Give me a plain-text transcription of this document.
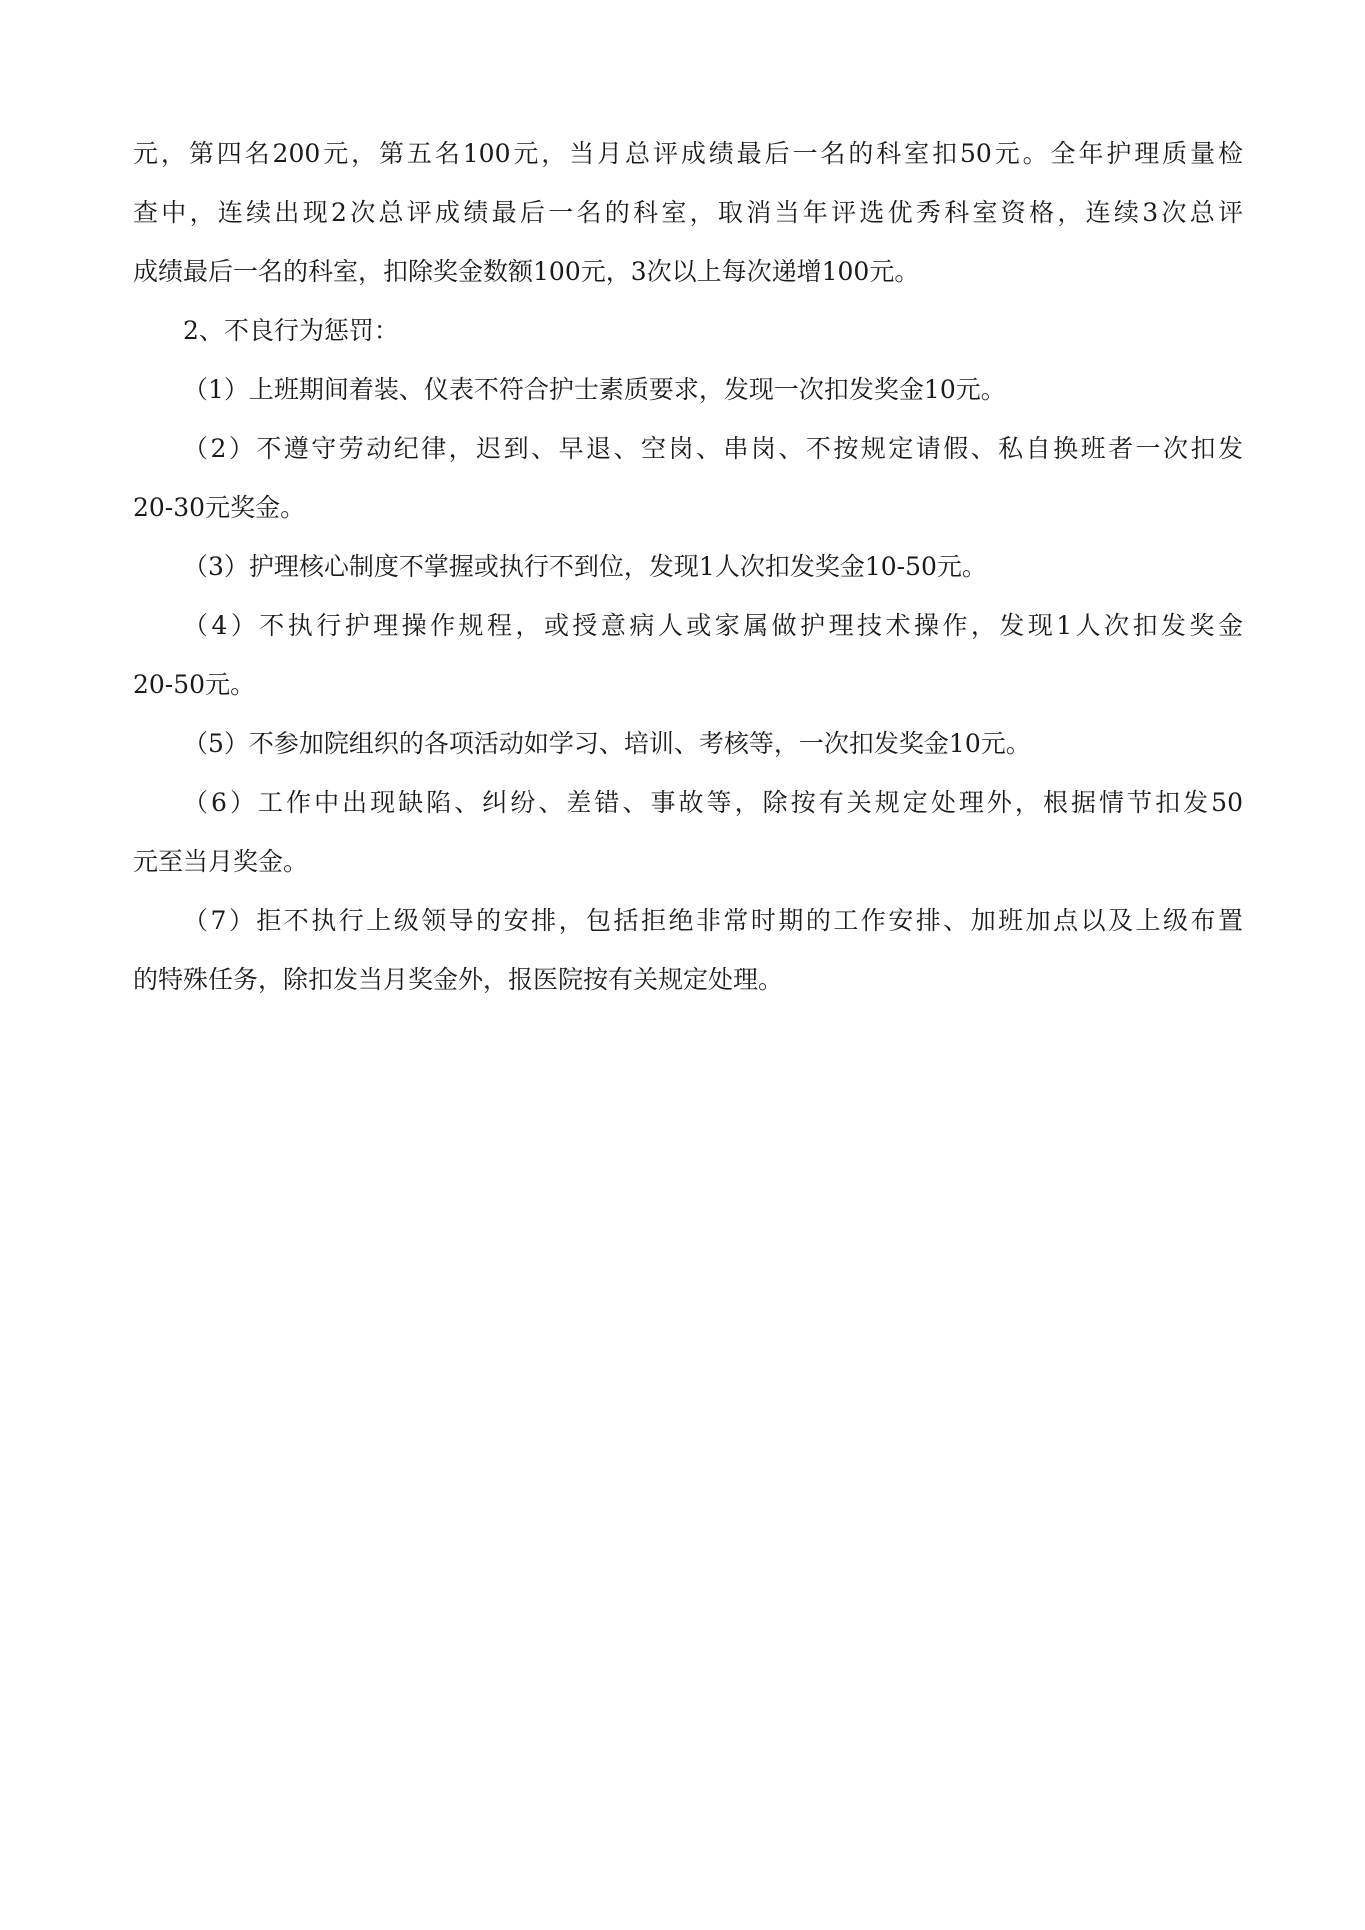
元，第四名200元，第五名100元，当月总评成绩最后一名的科室扣50元。全年护理质量检
查中，连续出现2次总评成绩最后一名的科室，取消当年评选优秀科室资格，连续3次总评
成绩最后一名的科室，扣除奖金数额100元，3次以上每次递增100元。

2、不良行为惩罚：

（1）上班期间着装、仪表不符合护士素质要求，发现一次扣发奖金10元。

（2）不遵守劳动纪律，迟到、早退、空岗、串岗、不按规定请假、私自换班者一次扣发
20-30元奖金。

（3）护理核心制度不掌握或执行不到位，发现1人次扣发奖金10-50元。

（4）不执行护理操作规程，或授意病人或家属做护理技术操作，发现1人次扣发奖金
20-50元。

（5）不参加院组织的各项活动如学习、培训、考核等，一次扣发奖金10元。

（6）工作中出现缺陷、纠纷、差错、事故等，除按有关规定处理外，根据情节扣发50
元至当月奖金。

（7）拒不执行上级领导的安排，包括拒绝非常时期的工作安排、加班加点以及上级布置
的特殊任务，除扣发当月奖金外，报医院按有关规定处理。
